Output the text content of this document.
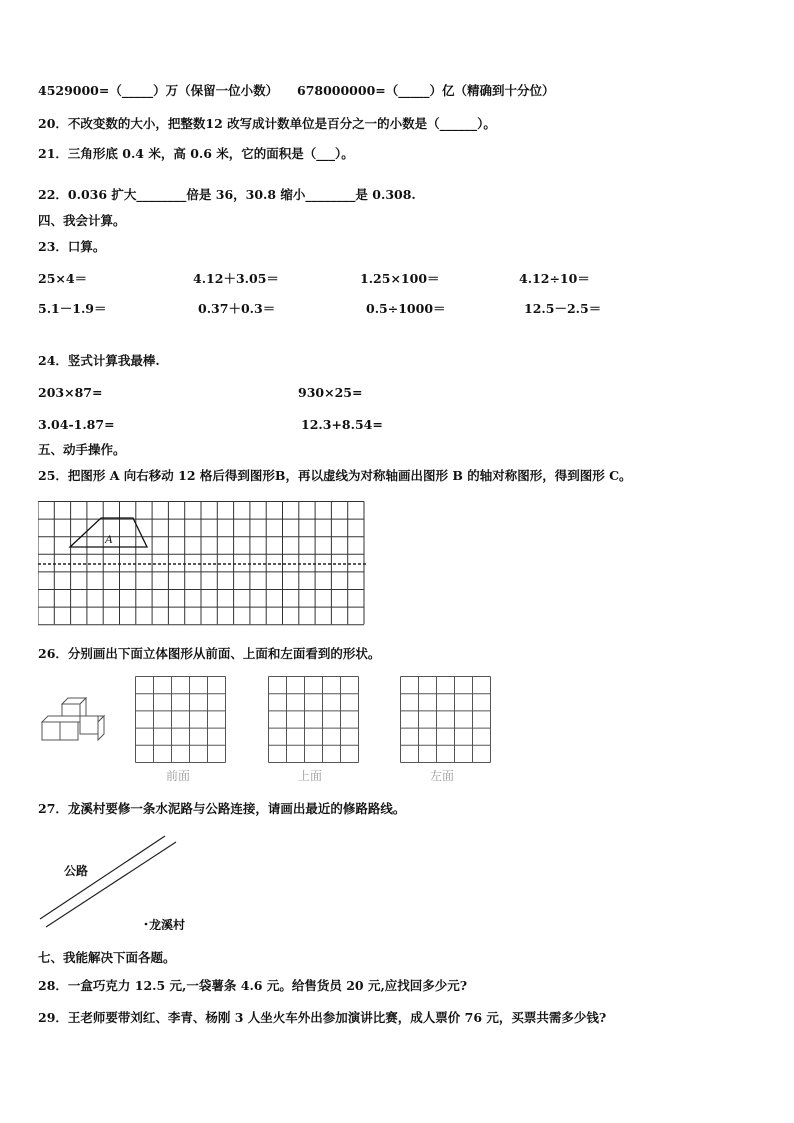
4529000=（_____）万（保留一位小数） 678000000=（_____）亿（精确到十分位）
20．不改变数的大小，把整数12 改写成计数单位是百分之一的小数是（______）。
21．三角形底 0.4 米，高 0.6 米，它的面积是（___）。
22．0.036 扩大________倍是 36，30.8 缩小________是 0.308.
四、我会计算。
23．口算。
25×4＝	4.12＋3.05＝	1.25×100＝	4.12÷10＝
5.1－1.9＝	0.37＋0.3＝	0.5÷1000＝	12.5－2.5＝
24．竖式计算我最棒.
203×87=	930×25=
3.04-1.87=	12.3+8.54=
五、动手操作。
25．把图形 A 向右移动 12 格后得到图形B，再以虚线为对称轴画出图形 B 的轴对称图形，得到图形 C。
A
26．分别画出下面立体图形从前面、上面和左面看到的形状。
前面	上面	左面
27．龙溪村要修一条水泥路与公路连接，请画出最近的修路路线。
公路
龙溪村
七、我能解决下面各题。
28．一盒巧克力 12.5 元,一袋薯条 4.6 元。给售货员 20 元,应找回多少元?
29．王老师要带刘红、李青、杨刚 3 人坐火车外出参加演讲比赛，成人票价 76 元，买票共需多少钱?
